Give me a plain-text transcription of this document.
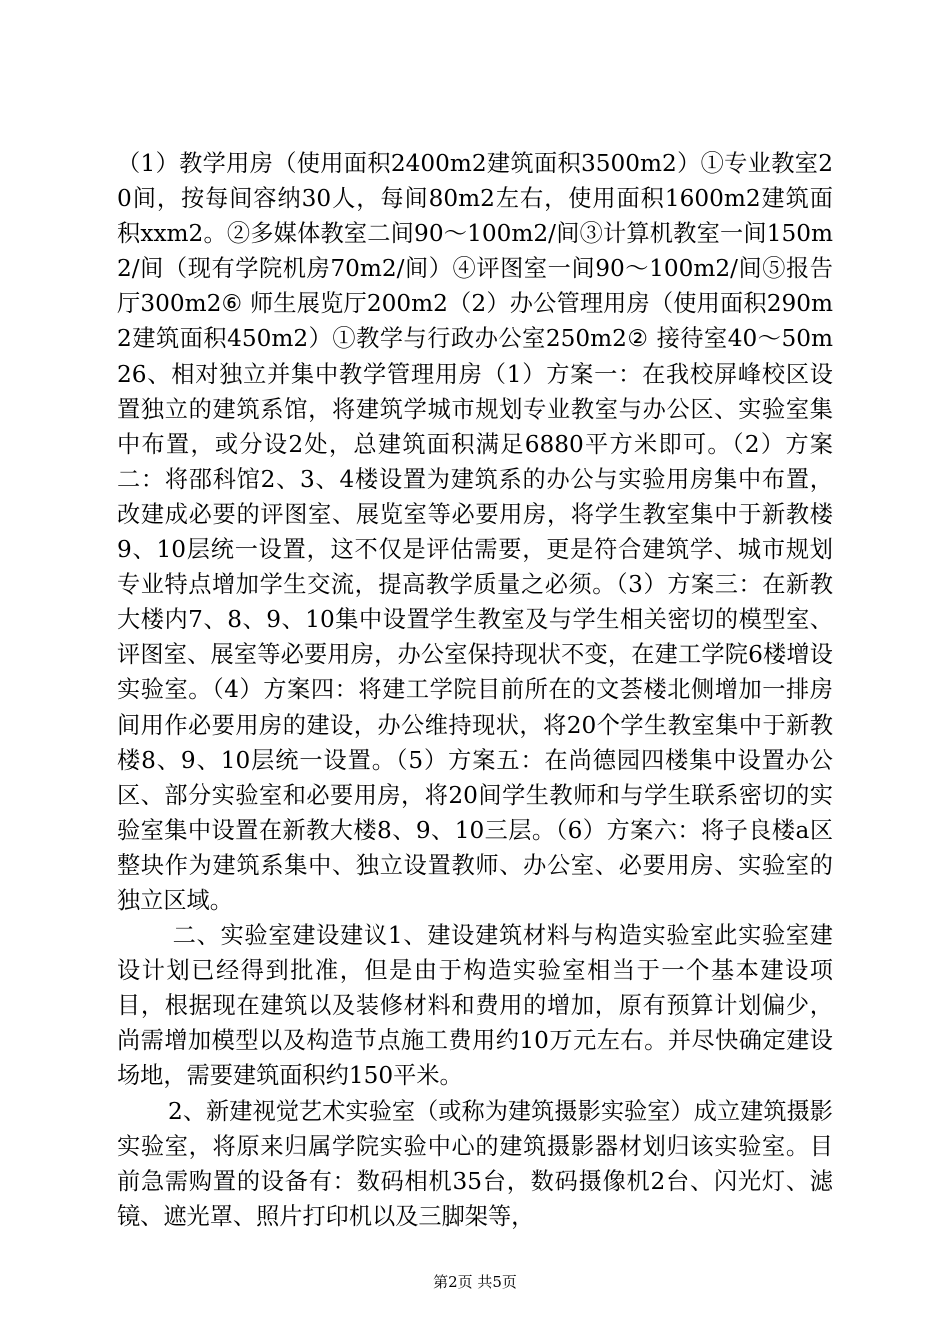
（1）教学用房（使用面积2400m2建筑面积3500m2）①专业教室20间，按每间容纳30人，每间80m2左右，使用面积1600m2建筑面积xxm2。②多媒体教室二间90～100m2/间③计算机教室一间150m2/间（现有学院机房70m2/间）④评图室一间90～100m2/间⑤报告厅300m2⑥ 师生展览厅200m2（2）办公管理用房（使用面积290m2建筑面积450m2）①教学与行政办公室250m2② 接待室40～50m26、相对独立并集中教学管理用房（1）方案一：在我校屏峰校区设置独立的建筑系馆，将建筑学城市规划专业教室与办公区、实验室集中布置，或分设2处，总建筑面积满足6880平方米即可。（2）方案二：将邵科馆2、3、4楼设置为建筑系的办公与实验用房集中布置，改建成必要的评图室、展览室等必要用房，将学生教室集中于新教楼9、10层统一设置，这不仅是评估需要，更是符合建筑学、城市规划专业特点增加学生交流，提高教学质量之必须。（3）方案三：在新教大楼内7、8、9、10集中设置学生教室及与学生相关密切的模型室、评图室、展室等必要用房，办公室保持现状不变，在建工学院6楼增设实验室。（4）方案四：将建工学院目前所在的文荟楼北侧增加一排房间用作必要用房的建设，办公维持现状，将20个学生教室集中于新教楼8、9、10层统一设置。（5）方案五：在尚德园四楼集中设置办公区、部分实验室和必要用房，将20间学生教师和与学生联系密切的实验室集中设置在新教大楼8、9、10三层。（6）方案六：将子良楼a区整块作为建筑系集中、独立设置教师、办公室、必要用房、实验室的独立区域。

二、实验室建设建议1、建设建筑材料与构造实验室此实验室建设计划已经得到批准，但是由于构造实验室相当于一个基本建设项目，根据现在建筑以及装修材料和费用的增加，原有预算计划偏少，尚需增加模型以及构造节点施工费用约10万元左右。并尽快确定建设场地，需要建筑面积约150平米。

2、新建视觉艺术实验室（或称为建筑摄影实验室）成立建筑摄影实验室，将原来归属学院实验中心的建筑摄影器材划归该实验室。目前急需购置的设备有：数码相机35台，数码摄像机2台、闪光灯、滤镜、遮光罩、照片打印机以及三脚架等，

第2页 共5页
